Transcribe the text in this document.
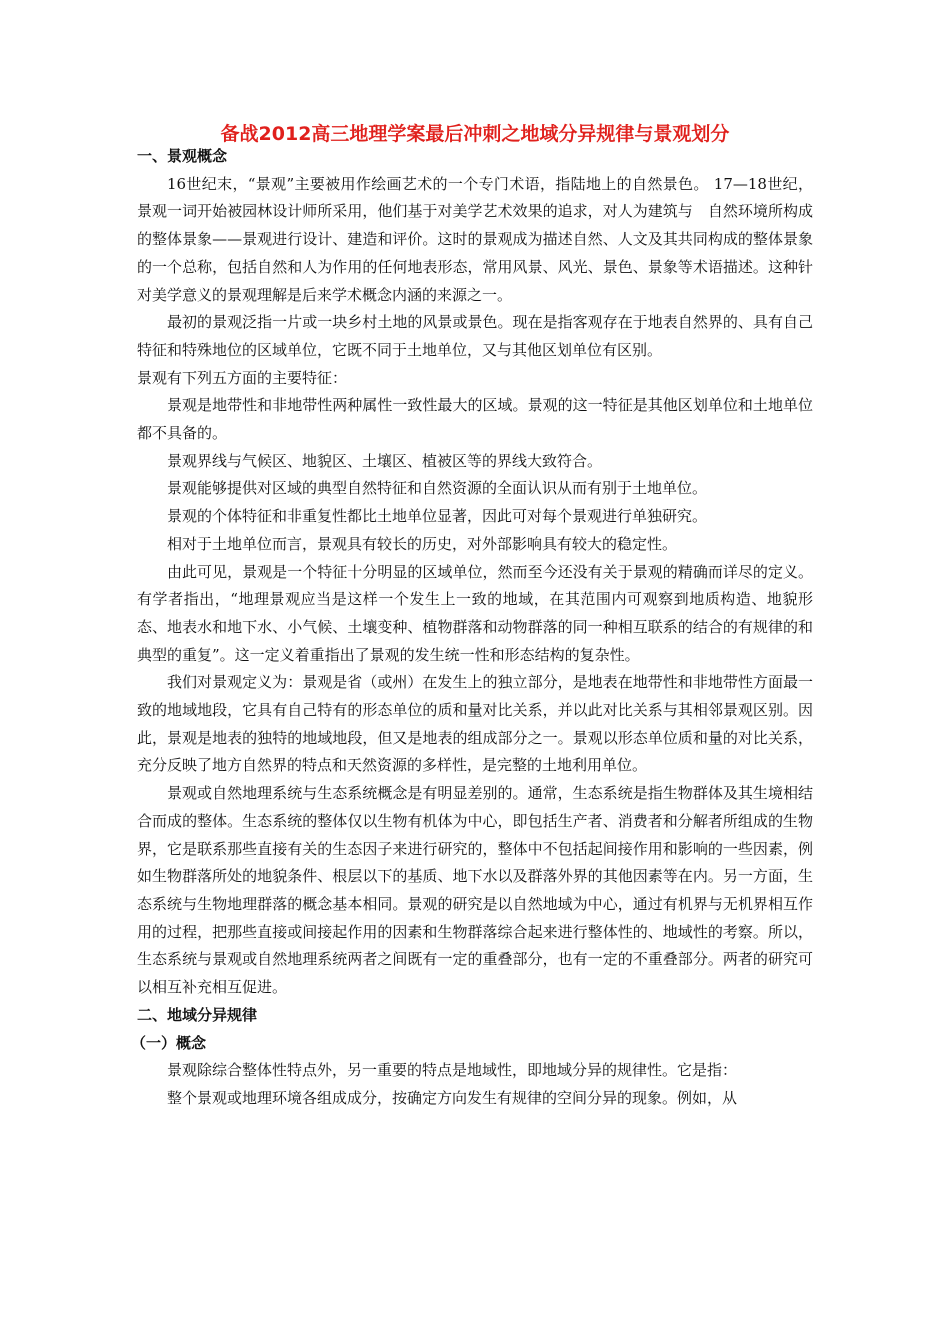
备战2012高三地理学案最后冲刺之地域分异规律与景观划分
一、景观概念

16世纪末，“景观”主要被用作绘画艺术的一个专门术语，指陆地上的自然景色。 17—18世纪，景观一词开始被园林设计师所采用，他们基于对美学艺术效果的追求，对人为建筑与　自然环境所构成的整体景象——景观进行设计、建造和评价。这时的景观成为描述自然、人文及其共同构成的整体景象的一个总称，包括自然和人为作用的任何地表形态，常用风景、风光、景色、景象等术语描述。这种针对美学意义的景观理解是后来学术概念内涵的来源之一。

最初的景观泛指一片或一块乡村土地的风景或景色。现在是指客观存在于地表自然界的、具有自己特征和特殊地位的区域单位，它既不同于土地单位，又与其他区划单位有区别。

景观有下列五方面的主要特征：

景观是地带性和非地带性两种属性一致性最大的区域。景观的这一特征是其他区划单位和土地单位都不具备的。

景观界线与气候区、地貌区、土壤区、植被区等的界线大致符合。

景观能够提供对区域的典型自然特征和自然资源的全面认识从而有别于土地单位。

景观的个体特征和非重复性都比土地单位显著，因此可对每个景观进行单独研究。

相对于土地单位而言，景观具有较长的历史，对外部影响具有较大的稳定性。

由此可见，景观是一个特征十分明显的区域单位，然而至今还没有关于景观的精确而详尽的定义。有学者指出，“地理景观应当是这样一个发生上一致的地域，在其范围内可观察到地质构造、地貌形态、地表水和地下水、小气候、土壤变种、植物群落和动物群落的同一种相互联系的结合的有规律的和典型的重复”。这一定义着重指出了景观的发生统一性和形态结构的复杂性。

我们对景观定义为：景观是省（或州）在发生上的独立部分，是地表在地带性和非地带性方面最一致的地域地段，它具有自己特有的形态单位的质和量对比关系，并以此对比关系与其相邻景观区别。因此，景观是地表的独特的地域地段，但又是地表的组成部分之一。景观以形态单位质和量的对比关系，充分反映了地方自然界的特点和天然资源的多样性，是完整的土地利用单位。

景观或自然地理系统与生态系统概念是有明显差别的。通常，生态系统是指生物群体及其生境相结合而成的整体。生态系统的整体仅以生物有机体为中心，即包括生产者、消费者和分解者所组成的生物界，它是联系那些直接有关的生态因子来进行研究的，整体中不包括起间接作用和影响的一些因素，例如生物群落所处的地貌条件、根层以下的基质、地下水以及群落外界的其他因素等在内。另一方面，生态系统与生物地理群落的概念基本相同。景观的研究是以自然地域为中心，通过有机界与无机界相互作用的过程，把那些直接或间接起作用的因素和生物群落综合起来进行整体性的、地域性的考察。所以，生态系统与景观或自然地理系统两者之间既有一定的重叠部分，也有一定的不重叠部分。两者的研究可以相互补充相互促进。

二、地域分异规律
（一）概念

景观除综合整体性特点外，另一重要的特点是地域性，即地域分异的规律性。它是指：

整个景观或地理环境各组成成分，按确定方向发生有规律的空间分异的现象。例如，从
